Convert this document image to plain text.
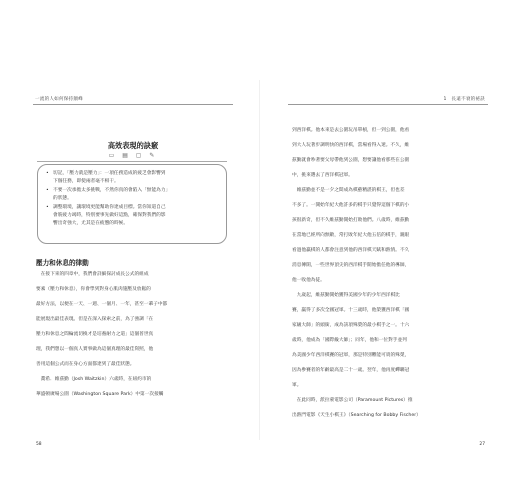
一流的人如何保持顛峰
高效表現的訣竅
▭ ▤ ▢ ✎
• 切記，「壓力就是壓力」：一項任務造成的疲乏會影響到
下個任務，即使兩者毫不相干。
• 不要一次承擔太多挑戰，不然你真的會陷入「無能為力」
的狀態。
• 調整環境，讓環境更能幫助你達成目標。當你知道自己
會筋疲力竭時，特別要事先做好這點，確保對我們的影
響出奇強大，尤其是在疲憊的時候。
壓力和休息的律動
　在接下來的四章中，我們會詳細探討成長公式的組成
要素（壓力和休息），你會學到對身心肌肉施壓及放鬆的
最好方法，以便在一天、一週、一個月、一年，甚至一輩子中都
能展現出最佳表現。但是在深入探索之前，為了強調「在
壓力和休息之間輪流切換才是培養耐力之道」這個普世真
理，我們想以一個真人實事做為這個真理的最佳寫照，他
善用這個公式而在身心方面都達到了最佳狀態。
　喬希．維茲勤（Josh Waitzkin）六歲時，在紐約市的
華盛頓廣場公園（Washington Square Park）中第一次接觸
58
1　長遠不衰的祕訣
到西洋棋。他本來是去公園玩吊單槓，但一到公園，他看
到大人玩著步調明快的西洋棋，當場看得入迷。不久，維
茲勤就會吵著要父母帶他到公園，想要讓他看那些在公園
中，挑來選去了西洋棋冠軍。
　維茲勤並不是一夕之間成為棋藝精湛的棋王，但也差
不多了。一開始年紀大他許多的棋手只覺得這個下棋的小
孩很新奇，但不久維茲勤開始打敗他們。八歲時，維茲勤
在當地已經所向無敵，常打敗年紀大他五倍的棋手，親眼
看過他贏棋的人都會注意到他的西洋棋天賦和熱情。不久
消息傳開，一些世界頂尖的西洋棋手開始擔任他的導師，
他一收他為徒。
　九歲起，維茲勤開始獲得美國少年的少年西洋棋比
賽，贏得了多次全國冠軍。十三歲時，他榮獲西洋棋「國
家級大師」的頭銜，成為該項殊榮的最小棋手之一。十六
歲時，他成為「國際級大師」；同年，他和一位對手並列
為美國少年西洋棋賽的冠軍，那是特別難能可貴的殊榮，
因為參賽者的年齡最高是二十一歲。翌年，他再度蟬聯冠
軍。
　在此同時，派拉蒙電影公司（Paramount Pictures）推
出熱門電影《天生小棋王》（Searching for Bobby Fischer）
27
